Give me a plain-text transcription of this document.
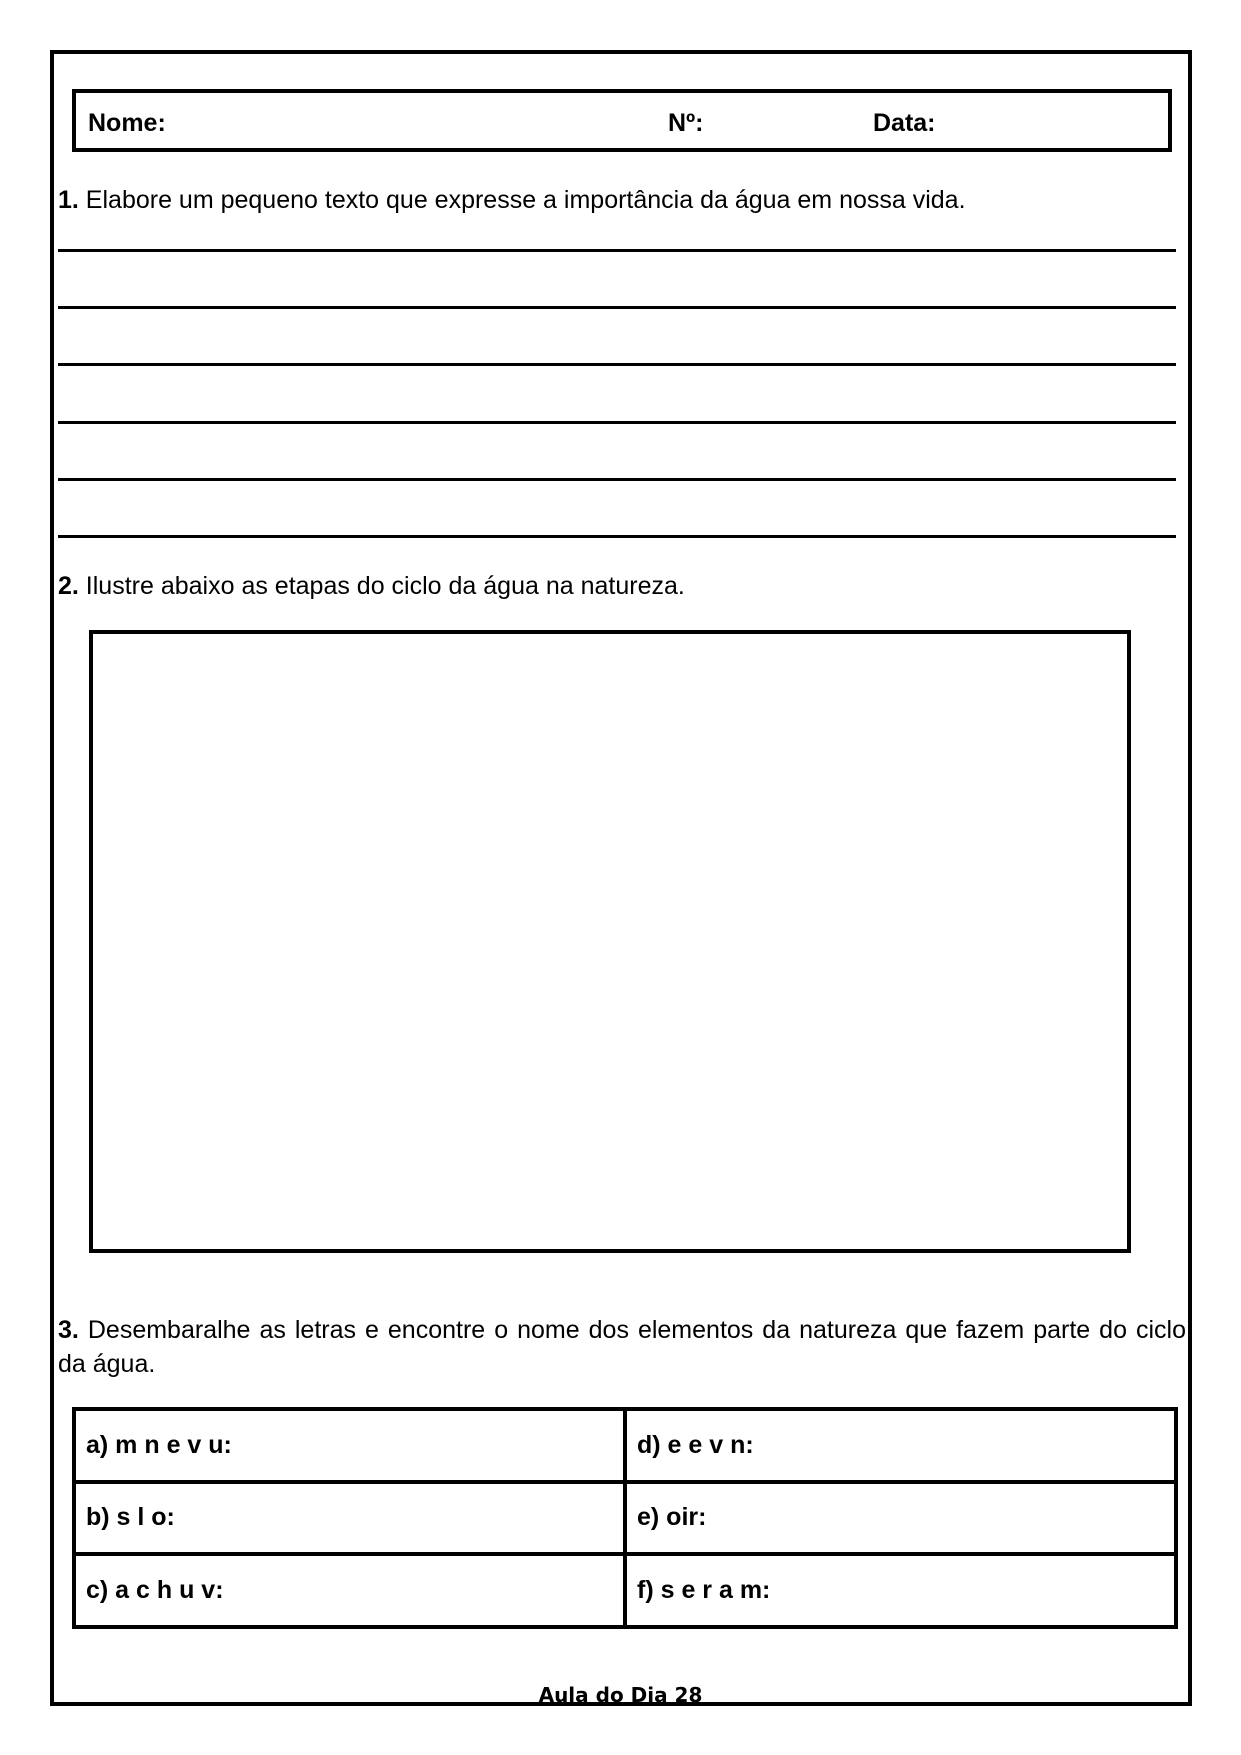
Nome:	Nº:	Data:
1. Elabore um pequeno texto que expresse a importância da água em nossa vida.
2. Ilustre abaixo as etapas do ciclo da água na natureza.
3. Desembaralhe as letras e encontre o nome dos elementos da natureza que fazem parte do ciclo da água.
a) m n e v u:	d) e e v n:
b) s l o:	e) oir:
c) a c h u v:	f) s e r a m:
Aula do Dia 28
